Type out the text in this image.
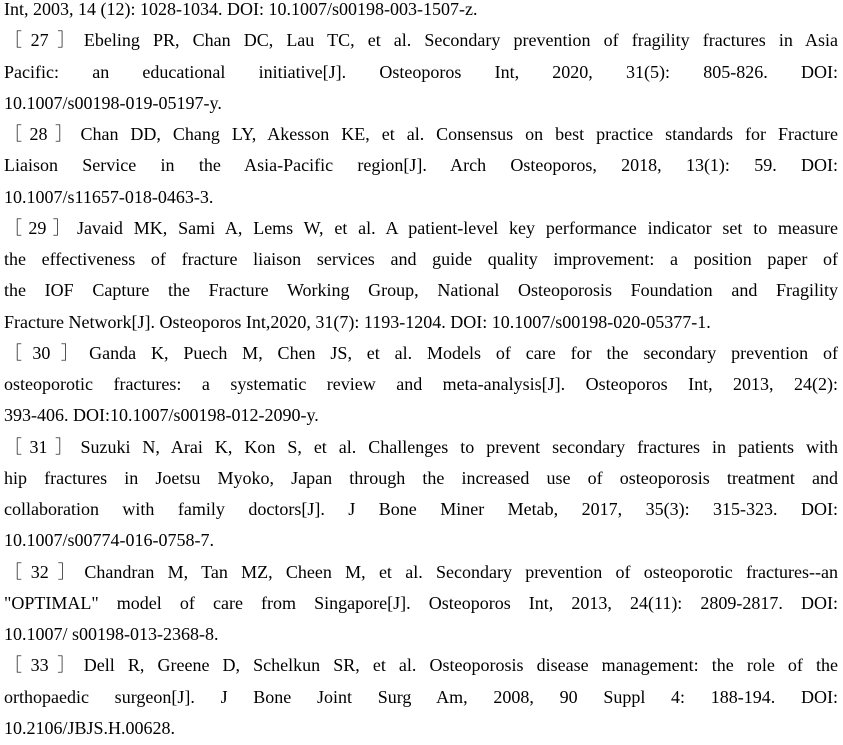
Int, 2003, 14 (12): 1028-1034. DOI: 10.1007/s00198-003-1507-z.
［27］Ebeling PR, Chan DC, Lau TC, et al. Secondary prevention of fragility fractures in Asia
Pacific: an educational initiative[J]. Osteoporos Int, 2020, 31(5): 805-826. DOI:
10.1007/s00198-019-05197-y.
［28］Chan DD, Chang LY, Akesson KE, et al. Consensus on best practice standards for Fracture
Liaison Service in the Asia-Pacific region[J]. Arch Osteoporos, 2018, 13(1): 59. DOI:
10.1007/s11657-018-0463-3.
［29］Javaid MK, Sami A, Lems W, et al. A patient-level key performance indicator set to measure
the effectiveness of fracture liaison services and guide quality improvement: a position paper of
the IOF Capture the Fracture Working Group, National Osteoporosis Foundation and Fragility
Fracture Network[J]. Osteoporos Int,2020, 31(7): 1193-1204. DOI: 10.1007/s00198-020-05377-1.
［30］Ganda K, Puech M, Chen JS, et al. Models of care for the secondary prevention of
osteoporotic fractures: a systematic review and meta-analysis[J]. Osteoporos Int, 2013, 24(2):
393-406. DOI:10.1007/s00198-012-2090-y.
［31］Suzuki N, Arai K, Kon S, et al. Challenges to prevent secondary fractures in patients with
hip fractures in Joetsu Myoko, Japan through the increased use of osteoporosis treatment and
collaboration with family doctors[J]. J Bone Miner Metab, 2017, 35(3): 315-323. DOI:
10.1007/s00774-016-0758-7.
［32］Chandran M, Tan MZ, Cheen M, et al. Secondary prevention of osteoporotic fractures--an
"OPTIMAL" model of care from Singapore[J]. Osteoporos Int, 2013, 24(11): 2809-2817. DOI:
10.1007/ s00198-013-2368-8.
［33］Dell R, Greene D, Schelkun SR, et al. Osteoporosis disease management: the role of the
orthopaedic surgeon[J]. J Bone Joint Surg Am, 2008, 90 Suppl 4: 188-194. DOI:
10.2106/JBJS.H.00628.
